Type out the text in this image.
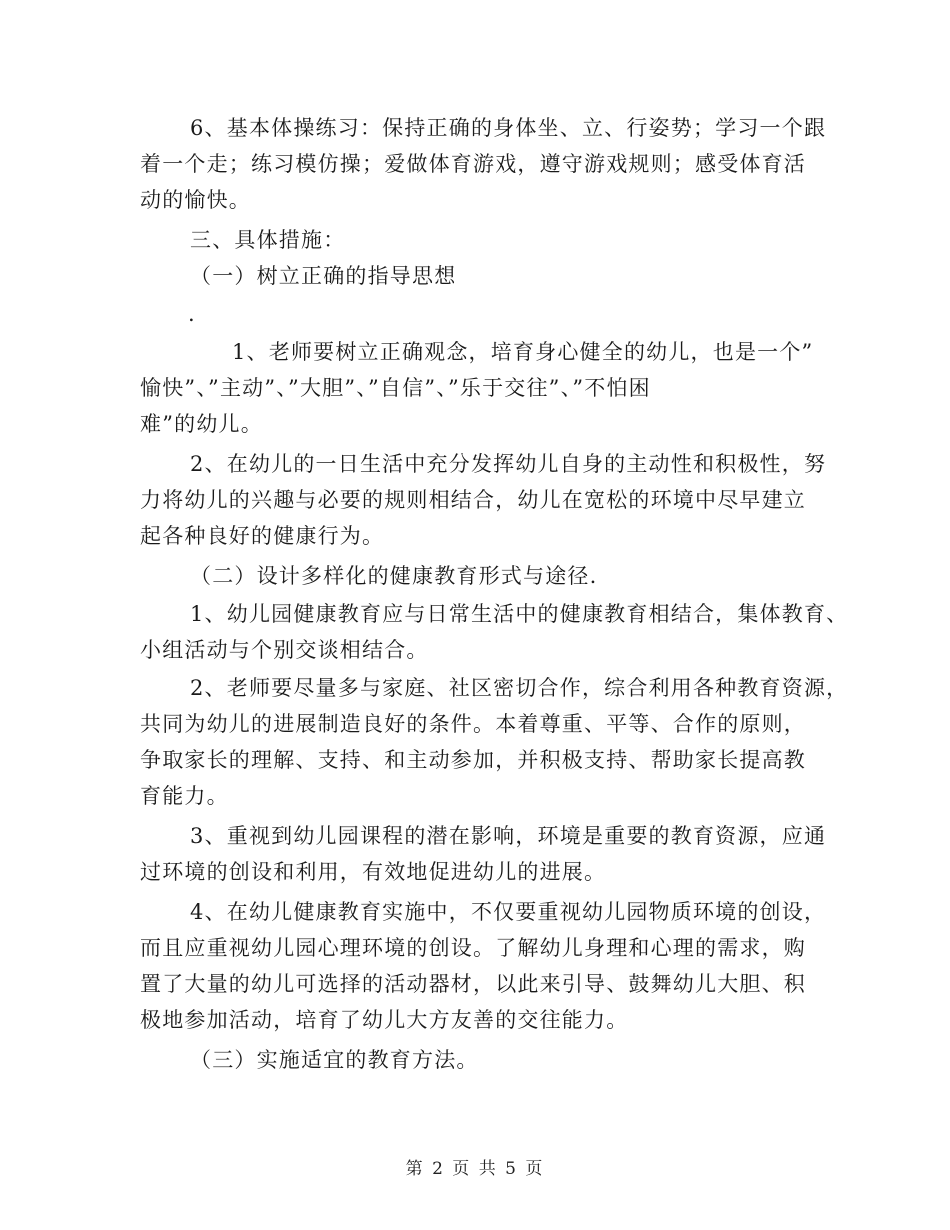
6、基本体操练习：保持正确的身体坐、立、行姿势；学习一个跟
着一个走；练习模仿操；爱做体育游戏，遵守游戏规则；感受体育活
动的愉快。
三、具体措施：
（一）树立正确的指导思想
.
1、老师要树立正确观念，培育身心健全的幼儿，也是一个”
愉快”、”主动”、”大胆”、”自信”、”乐于交往”、”不怕困
难”的幼儿。
2、在幼儿的一日生活中充分发挥幼儿自身的主动性和积极性，努
力将幼儿的兴趣与必要的规则相结合，幼儿在宽松的环境中尽早建立
起各种良好的健康行为。
（二）设计多样化的健康教育形式与途径.
1、幼儿园健康教育应与日常生活中的健康教育相结合，集体教育、
小组活动与个别交谈相结合。
2、老师要尽量多与家庭、社区密切合作，综合利用各种教育资源，
共同为幼儿的进展制造良好的条件。本着尊重、平等、合作的原则，
争取家长的理解、支持、和主动参加，并积极支持、帮助家长提高教
育能力。
3、重视到幼儿园课程的潜在影响，环境是重要的教育资源，应通
过环境的创设和利用，有效地促进幼儿的进展。
4、在幼儿健康教育实施中，不仅要重视幼儿园物质环境的创设，
而且应重视幼儿园心理环境的创设。了解幼儿身理和心理的需求，购
置了大量的幼儿可选择的活动器材，以此来引导、鼓舞幼儿大胆、积
极地参加活动，培育了幼儿大方友善的交往能力。
（三）实施适宜的教育方法。
第 2 页 共 5 页
